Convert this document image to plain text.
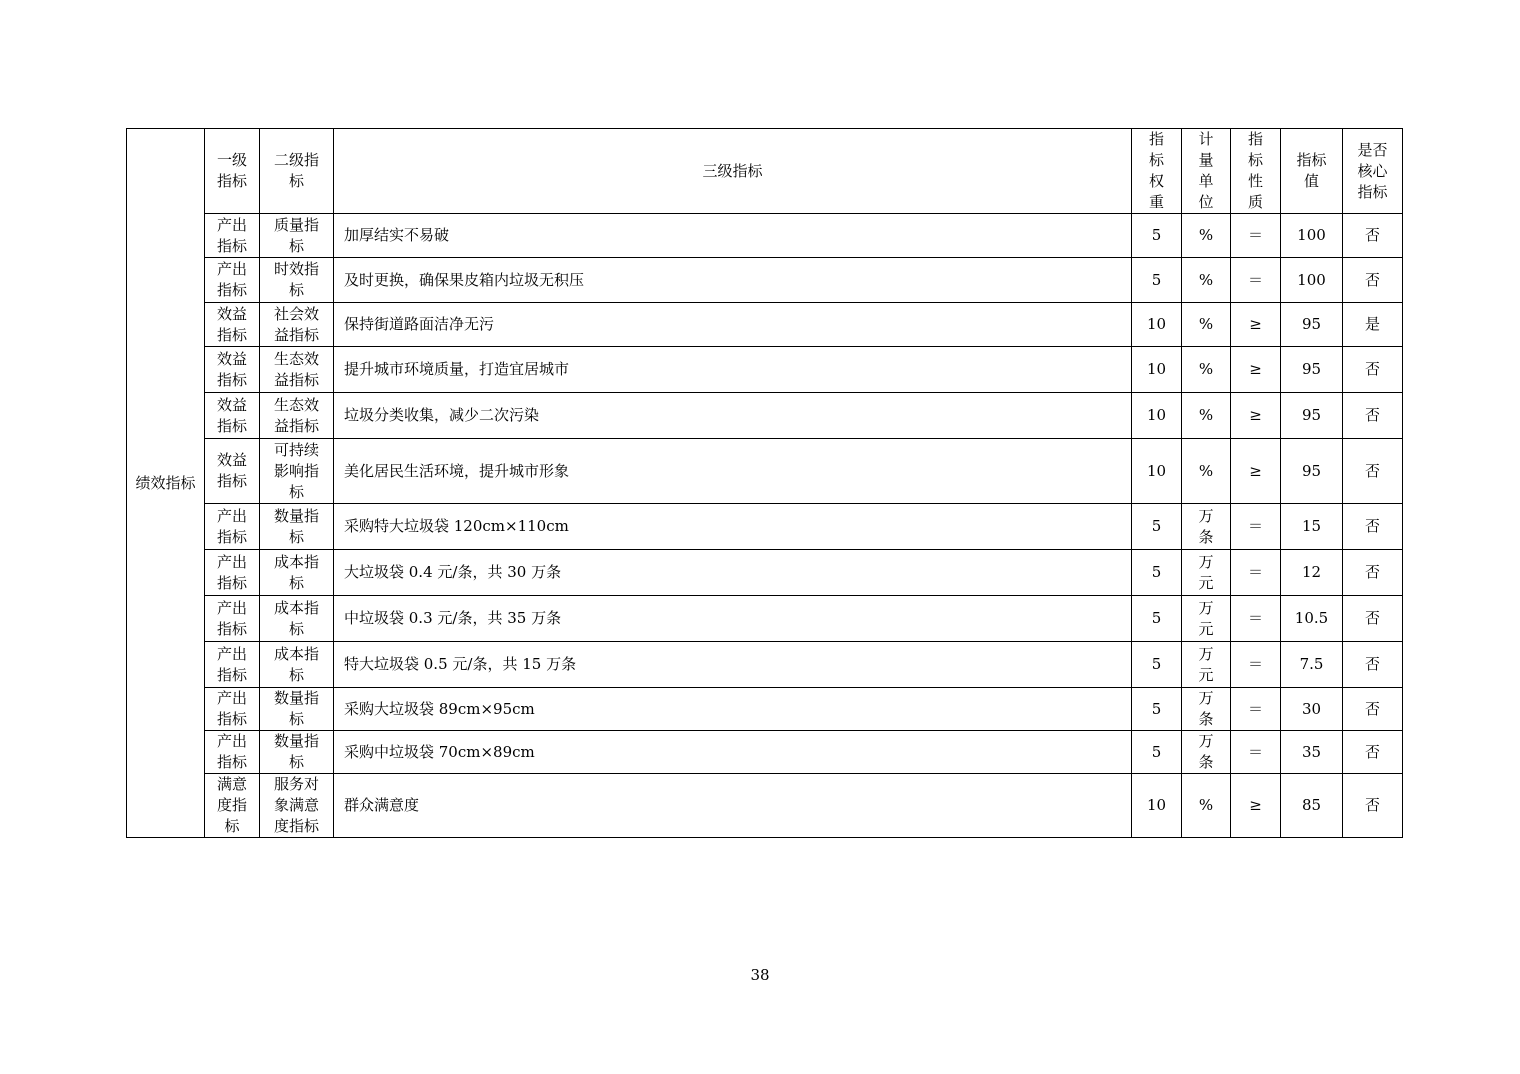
绩效指标	一级指标	二级指标	三级指标	指标权重	计量单位	指标性质	指标值	是否核心指标

	产出指标	质量指标	加厚结实不易破	5	%	＝	100	否

	产出指标	时效指标	及时更换，确保果皮箱内垃圾无积压	5	%	＝	100	否

	效益指标	社会效益指标	保持街道路面洁净无污	10	%	≥	95	是

	效益指标	生态效益指标	提升城市环境质量，打造宜居城市	10	%	≥	95	否

	效益指标	生态效益指标	垃圾分类收集，减少二次污染	10	%	≥	95	否

	效益指标	可持续影响指标	美化居民生活环境，提升城市形象	10	%	≥	95	否

	产出指标	数量指标	采购特大垃圾袋 120cm×110cm	5	万条	＝	15	否

	产出指标	成本指标	大垃圾袋 0.4 元/条，共 30 万条	5	万元	＝	12	否

	产出指标	成本指标	中垃圾袋 0.3 元/条，共 35 万条	5	万元	＝	10.5	否

	产出指标	成本指标	特大垃圾袋 0.5 元/条，共 15 万条	5	万元	＝	7.5	否

	产出指标	数量指标	采购大垃圾袋 89cm×95cm	5	万条	＝	30	否

	产出指标	数量指标	采购中垃圾袋 70cm×89cm	5	万条	＝	35	否

	满意度指标	服务对象满意度指标	群众满意度	10	%	≥	85	否
38
